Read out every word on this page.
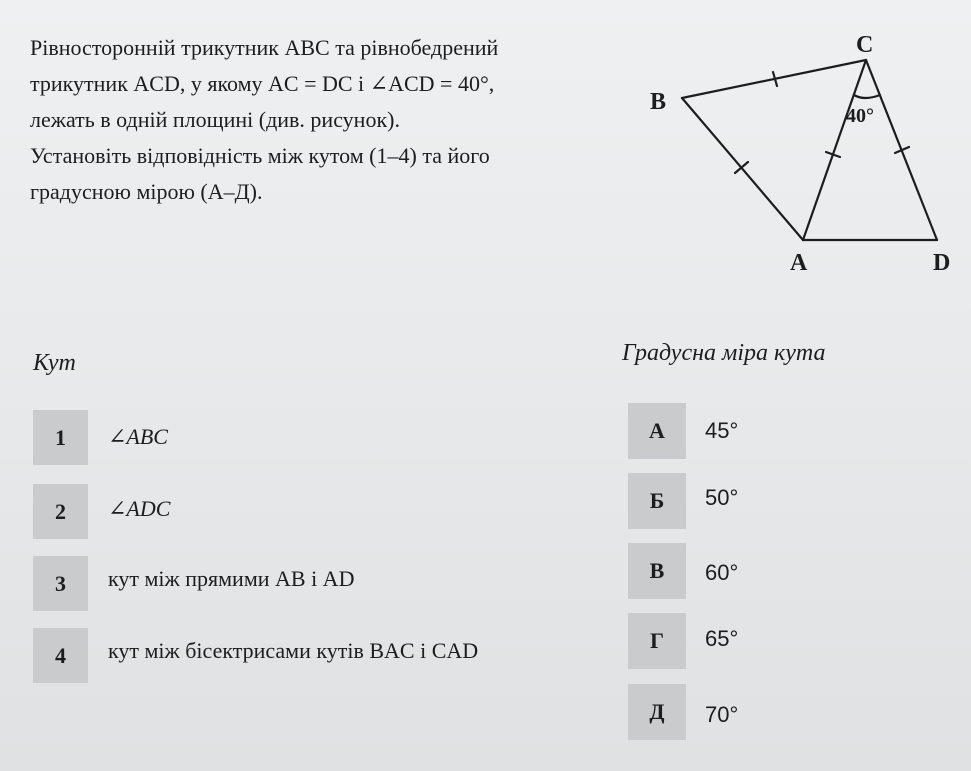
Рівносторонній трикутник ABC та рівнобедрений
трикутник ACD, у якому AC = DC і ∠ACD = 40°,
лежать в одній площині (див. рисунок).
Установіть відповідність між кутом (1–4) та його
градусною мірою (А–Д).
C
B
A	D
40°
Кут	Градусна міра кута
1	∠ABC
2	∠ADC
3	кут між прямими AB і AD
4	кут між бісектрисами кутів BAC і CAD
А	45°
Б	50°
В	60°
Г	65°
Д	70°
